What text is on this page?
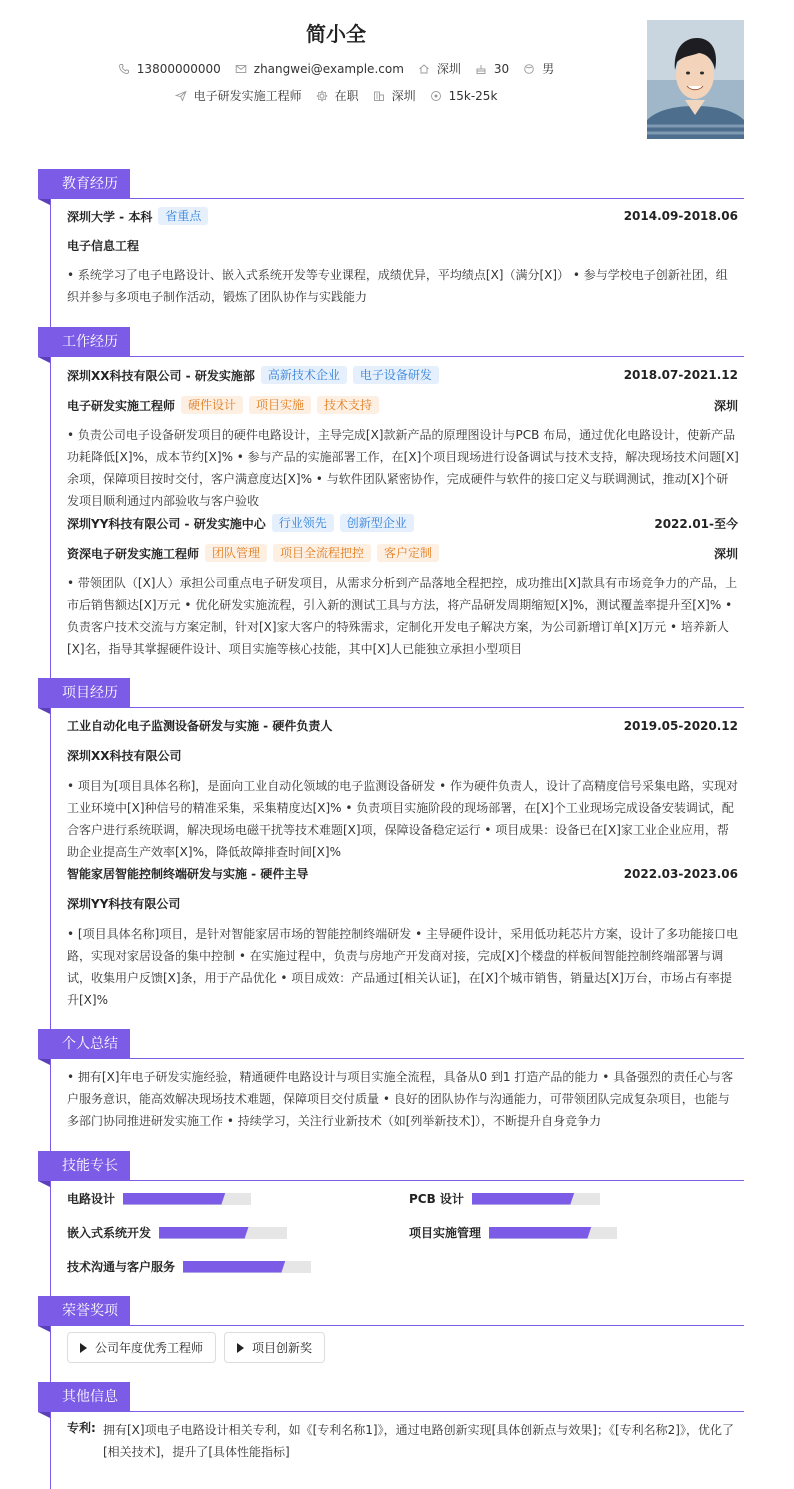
简小全
13800000000	zhangwei@example.com	深圳	30	男
电子研发实施工程师	在职	深圳	15k-25k
教育经历
深圳大学 - 本科	省重点	2014.09-2018.06
电子信息工程
• 系统学习了电子电路设计、嵌入式系统开发等专业课程，成绩优异，平均绩点[X]（满分[X]） • 参与学校电子创新社团，组织并参与多项电子制作活动，锻炼了团队协作与实践能力
工作经历
深圳XX科技有限公司 - 研发实施部	高新技术企业	电子设备研发	2018.07-2021.12
电子研发实施工程师	硬件设计	项目实施	技术支持	深圳
• 负责公司电子设备研发项目的硬件电路设计，主导完成[X]款新产品的原理图设计与PCB 布局，通过优化电路设计，使新产品功耗降低[X]%，成本节约[X]% • 参与产品的实施部署工作，在[X]个项目现场进行设备调试与技术支持，解决现场技术问题[X]余项，保障项目按时交付，客户满意度达[X]% • 与软件团队紧密协作，完成硬件与软件的接口定义与联调测试，推动[X]个研发项目顺利通过内部验收与客户验收
深圳YY科技有限公司 - 研发实施中心	行业领先	创新型企业	2022.01-至今
资深电子研发实施工程师	团队管理	项目全流程把控	客户定制	深圳
• 带领团队（[X]人）承担公司重点电子研发项目，从需求分析到产品落地全程把控，成功推出[X]款具有市场竞争力的产品，上市后销售额达[X]万元 • 优化研发实施流程，引入新的测试工具与方法，将产品研发周期缩短[X]%，测试覆盖率提升至[X]% • 负责客户技术交流与方案定制，针对[X]家大客户的特殊需求，定制化开发电子解决方案，为公司新增订单[X]万元 • 培养新人[X]名，指导其掌握硬件设计、项目实施等核心技能，其中[X]人已能独立承担小型项目
项目经历
工业自动化电子监测设备研发与实施 - 硬件负责人	2019.05-2020.12
深圳XX科技有限公司
• 项目为[项目具体名称]，是面向工业自动化领域的电子监测设备研发 • 作为硬件负责人，设计了高精度信号采集电路，实现对工业环境中[X]种信号的精准采集，采集精度达[X]% • 负责项目实施阶段的现场部署，在[X]个工业现场完成设备安装调试，配合客户进行系统联调，解决现场电磁干扰等技术难题[X]项，保障设备稳定运行 • 项目成果：设备已在[X]家工业企业应用，帮助企业提高生产效率[X]%，降低故障排查时间[X]%
智能家居智能控制终端研发与实施 - 硬件主导	2022.03-2023.06
深圳YY科技有限公司
• [项目具体名称]项目，是针对智能家居市场的智能控制终端研发 • 主导硬件设计，采用低功耗芯片方案，设计了多功能接口电路，实现对家居设备的集中控制 • 在实施过程中，负责与房地产开发商对接，完成[X]个楼盘的样板间智能控制终端部署与调试，收集用户反馈[X]条，用于产品优化 • 项目成效：产品通过[相关认证]，在[X]个城市销售，销量达[X]万台，市场占有率提升[X]%
个人总结
• 拥有[X]年电子研发实施经验，精通硬件电路设计与项目实施全流程，具备从0 到1 打造产品的能力 • 具备强烈的责任心与客户服务意识，能高效解决现场技术难题，保障项目交付质量 • 良好的团队协作与沟通能力，可带领团队完成复杂项目，也能与多部门协同推进研发实施工作 • 持续学习，关注行业新技术（如[列举新技术]），不断提升自身竞争力
技能专长
电路设计	PCB 设计
嵌入式系统开发	项目实施管理
技术沟通与客户服务
荣誉奖项
公司年度优秀工程师	项目创新奖
其他信息
专利: 拥有[X]项电子电路设计相关专利，如《[专利名称1]》，通过电路创新实现[具体创新点与效果]；《[专利名称2]》，优化了[相关技术]，提升了[具体性能指标]
